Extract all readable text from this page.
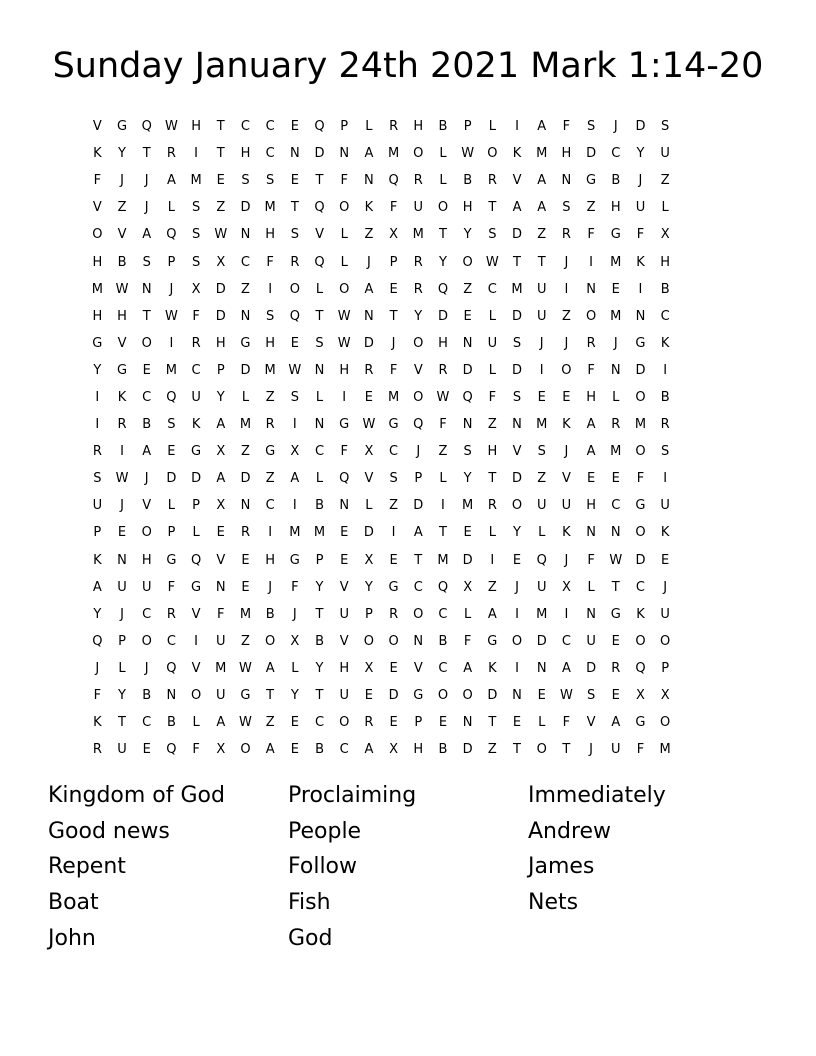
Sunday January 24th 2021 Mark 1:14-20
V	G	Q	W	H	T	C	C	E	Q	P	L	R	H	B	P	L	I	A	F	S	J	D	S
K	Y	T	R	I	T	H	C	N	D	N	A	M	O	L	W	O	K	M	H	D	C	Y	U
F	J	J	A	M	E	S	S	E	T	F	N	Q	R	L	B	R	V	A	N	G	B	J	Z
V	Z	J	L	S	Z	D	M	T	Q	O	K	F	U	O	H	T	A	A	S	Z	H	U	L
O	V	A	Q	S	W	N	H	S	V	L	Z	X	M	T	Y	S	D	Z	R	F	G	F	X
H	B	S	P	S	X	C	F	R	Q	L	J	P	R	Y	O	W	T	T	J	I	M	K	H
M W	N	J	X	D	Z	I	O	L	O	A	E	R	Q	Z	C	M	U	I	N	E	I	B
H	H	T	W	F	D	N	S	Q	T	W	N	T	Y	D	E	L	D	U	Z	O	M	N	C
G	V	O	I	R	H	G	H	E	S	W	D	J	O	H	N	U	S	J	J	R	J	G	K
Y	G	E	M	C	P	D	M W	N	H	R	F	V	R	D	L	D	I	O	F	N	D	I
I	K	C	Q	U	Y	L	Z	S	L	I	E	M	O	W	Q	F	S	E	E	H	L	O	B
I	R	B	S	K	A	M	R	I	N	G	W	G	Q	F	N	Z	N	M	K	A	R	M	R
R	I	A	E	G	X	Z	G	X	C	F	X	C	J	Z	S	H	V	S	J	A	M	O	S
S	W	J	D	D	A	D	Z	A	L	Q	V	S	P	L	Y	T	D	Z	V	E	E	F	I
U	J	V	L	P	X	N	C	I	B	N	L	Z	D	I	M	R	O	U	U	H	C	G	U
P	E	O	P	L	E	R	I	M	M	E	D	I	A	T	E	L	Y	L	K	N	N	O	K
K	N	H	G	Q	V	E	H	G	P	E	X	E	T	M	D	I	E	Q	J	F	W	D	E
A	U	U	F	G	N	E	J	F	Y	V	Y	G	C	Q	X	Z	J	U	X	L	T	C	J
Y	J	C	R	V	F	M	B	J	T	U	P	R	O	C	L	A	I	M	I	N	G	K	U
Q	P	O	C	I	U	Z	O	X	B	V	O	O	N	B	F	G	O	D	C	U	E	O	O
J	L	J	Q	V	M W	A	L	Y	H	X	E	V	C	A	K	I	N	A	D	R	Q	P
F	Y	B	N	O	U	G	T	Y	T	U	E	D	G	O	O	D	N	E	W	S	E	X	X
K	T	C	B	L	A	W	Z	E	C	O	R	E	P	E	N	T	E	L	F	V	A	G	O
R	U	E	Q	F	X	O	A	E	B	C	A	X	H	B	D	Z	T	O	T	J	U	F	M
Kingdom of God
Good news
Repent
Boat
John
Proclaiming
People
Follow
Fish
God
Immediately
Andrew
James
Nets
